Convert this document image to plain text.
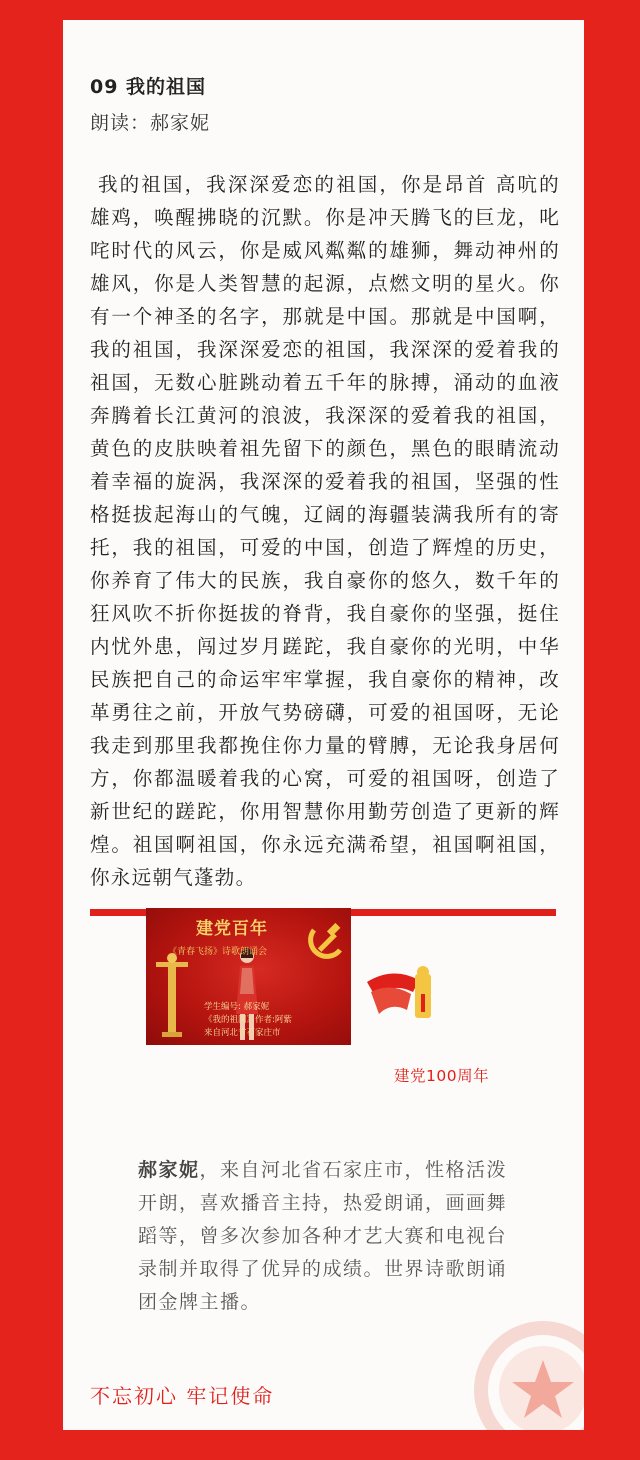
09 我的祖国
朗读：郝家妮
我的祖国，我深深爱恋的祖国，你是昂首 高吭的雄鸡，唤醒拂晓的沉默。你是冲天腾飞的巨龙，叱咤时代的风云，你是威风粼粼的雄狮，舞动神州的雄风，你是人类智慧的起源，点燃文明的星火。你有一个神圣的名字，那就是中国。那就是中国啊，我的祖国，我深深爱恋的祖国，我深深的爱着我的祖国，无数心脏跳动着五千年的脉搏，涌动的血液奔腾着长江黄河的浪波，我深深的爱着我的祖国，黄色的皮肤映着祖先留下的颜色，黑色的眼睛流动着幸福的旋涡，我深深的爱着我的祖国，坚强的性格挺拔起海山的气魄，辽阔的海疆装满我所有的寄托，我的祖国，可爱的中国，创造了辉煌的历史，你养育了伟大的民族，我自豪你的悠久，数千年的狂风吹不折你挺拔的脊背，我自豪你的坚强，挺住内忧外患，闯过岁月蹉跎，我自豪你的光明，中华民族把自己的命运牢牢掌握，我自豪你的精神，改革勇往之前，开放气势磅礴，可爱的祖国呀，无论我走到那里我都挽住你力量的臂膊，无论我身居何方，你都温暖着我的心窝，可爱的祖国呀，创造了新世纪的蹉跎，你用智慧你用勤劳创造了更新的辉煌。祖国啊祖国，你永远充满希望，祖国啊祖国，你永远朝气蓬勃。
建党百年
《青春飞扬》诗歌朗诵会
学生编号: 郝家妮
《我的祖国》作者:阿紫
来自河北省石家庄市
建党100周年
郝家妮，来自河北省石家庄市，性格活泼开朗，喜欢播音主持，热爱朗诵，画画舞蹈等，曾多次参加各种才艺大赛和电视台录制并取得了优异的成绩。世界诗歌朗诵团金牌主播。
不忘初心 牢记使命
